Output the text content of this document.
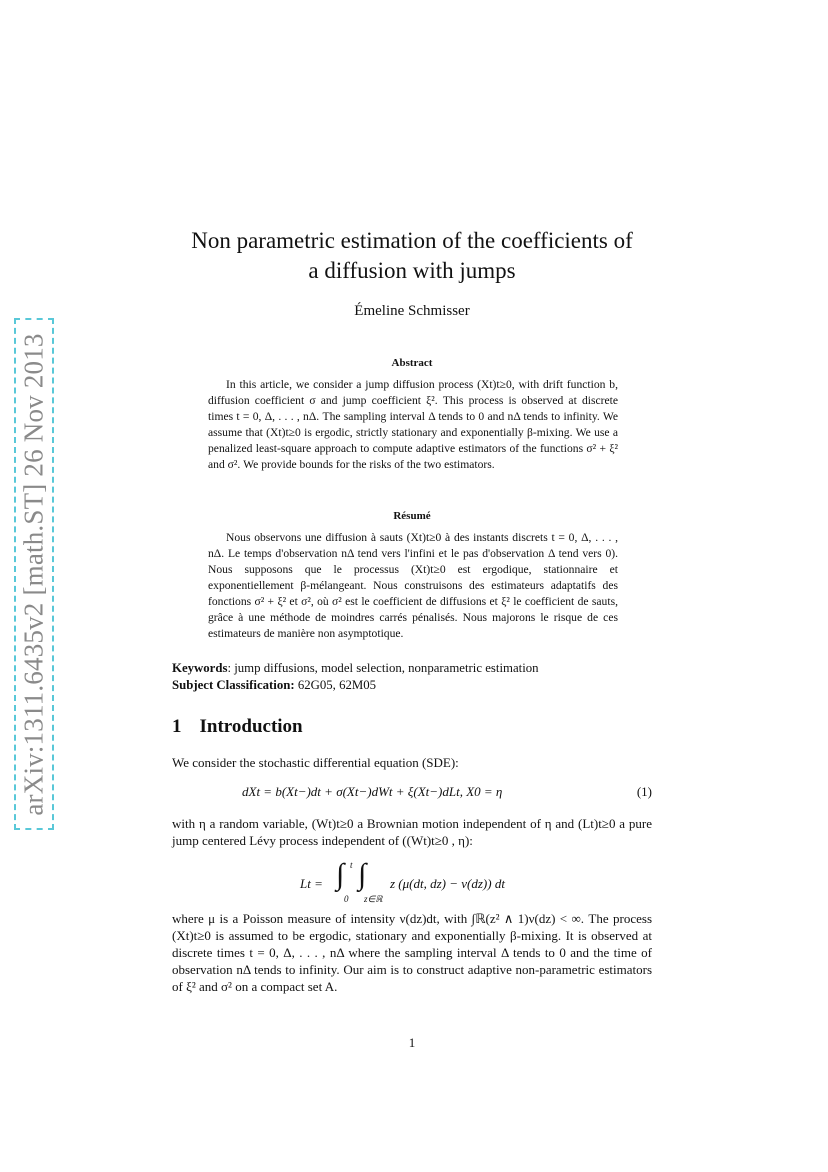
arXiv:1311.6435v2 [math.ST] 26 Nov 2013
Non parametric estimation of the coefficients of
a diffusion with jumps
Émeline Schmisser
Abstract
In this article, we consider a jump diffusion process (Xt)t≥0, with drift function b, diffusion coefficient σ and jump coefficient ξ². This process is observed at discrete times t = 0, Δ, . . . , nΔ. The sampling interval Δ tends to 0 and nΔ tends to infinity. We assume that (Xt)t≥0 is ergodic, strictly stationary and exponentially β-mixing. We use a penalized least-square approach to compute adaptive estimators of the functions σ² + ξ² and σ². We provide bounds for the risks of the two estimators.
Résumé
Nous observons une diffusion à sauts (Xt)t≥0 à des instants discrets t = 0, Δ, . . . , nΔ. Le temps d'observation nΔ tend vers l'infini et le pas d'observation Δ tend vers 0). Nous supposons que le processus (Xt)t≥0 est ergodique, stationnaire et exponentiellement β-mélangeant. Nous construisons des estimateurs adaptatifs des fonctions σ² + ξ² et σ², où σ² est le coefficient de diffusions et ξ² le coefficient de sauts, grâce à une méthode de moindres carrés pénalisés. Nous majorons le risque de ces estimateurs de manière non asymptotique.
Keywords: jump diffusions, model selection, nonparametric estimation
Subject Classification: 62G05, 62M05
1 Introduction
We consider the stochastic differential equation (SDE):
dXt = b(Xt−)dt + σ(Xt−)dWt + ξ(Xt−)dLt, X0 = η	(1)
with η a random variable, (Wt)t≥0 a Brownian motion independent of η and (Lt)t≥0 a pure jump centered Lévy process independent of ((Wt)t≥0 , η):
Lt = ∫ t
0
∫
z∈ℝ
z (μ(dt, dz) − ν(dz)) dt
where μ is a Poisson measure of intensity ν(dz)dt, with ∫ℝ(z² ∧ 1)ν(dz) < ∞. The process (Xt)t≥0 is assumed to be ergodic, stationary and exponentially β-mixing. It is observed at discrete times t = 0, Δ, . . . , nΔ where the sampling interval Δ tends to 0 and the time of observation nΔ tends to infinity. Our aim is to construct adaptive non-parametric estimators of ξ² and σ² on a compact set A.
1
